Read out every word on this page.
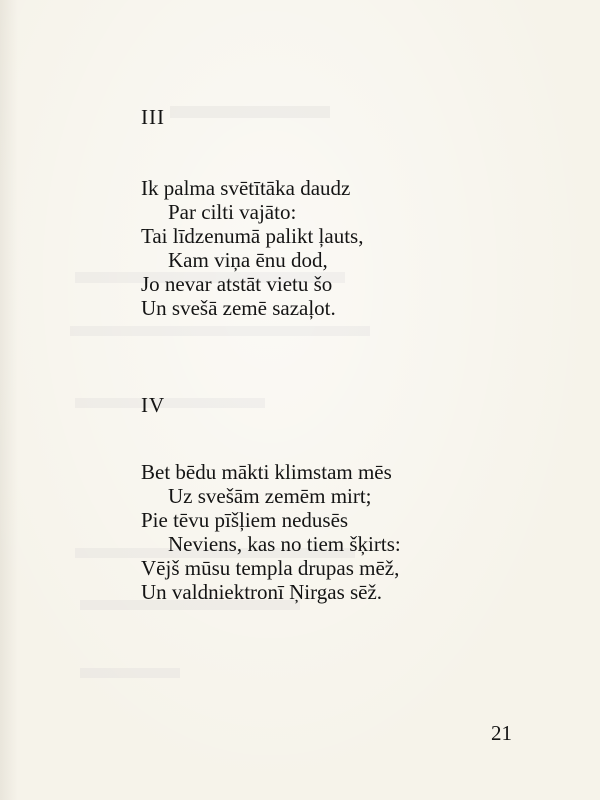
III
Ik palma svētītāka daudz
Par cilti vajāto:
Tai līdzenumā palikt ļauts,
Kam viņa ēnu dod,
Jo nevar atstāt vietu šo
Un svešā zemē sazaļot.
IV
Bet bēdu mākti klimstam mēs
Uz svešām zemēm mirt;
Pie tēvu pīšļiem nedusēs
Neviens, kas no tiem šķirts:
Vējš mūsu templa drupas mēž,
Un valdniektronī Ņirgas sēž.
21
